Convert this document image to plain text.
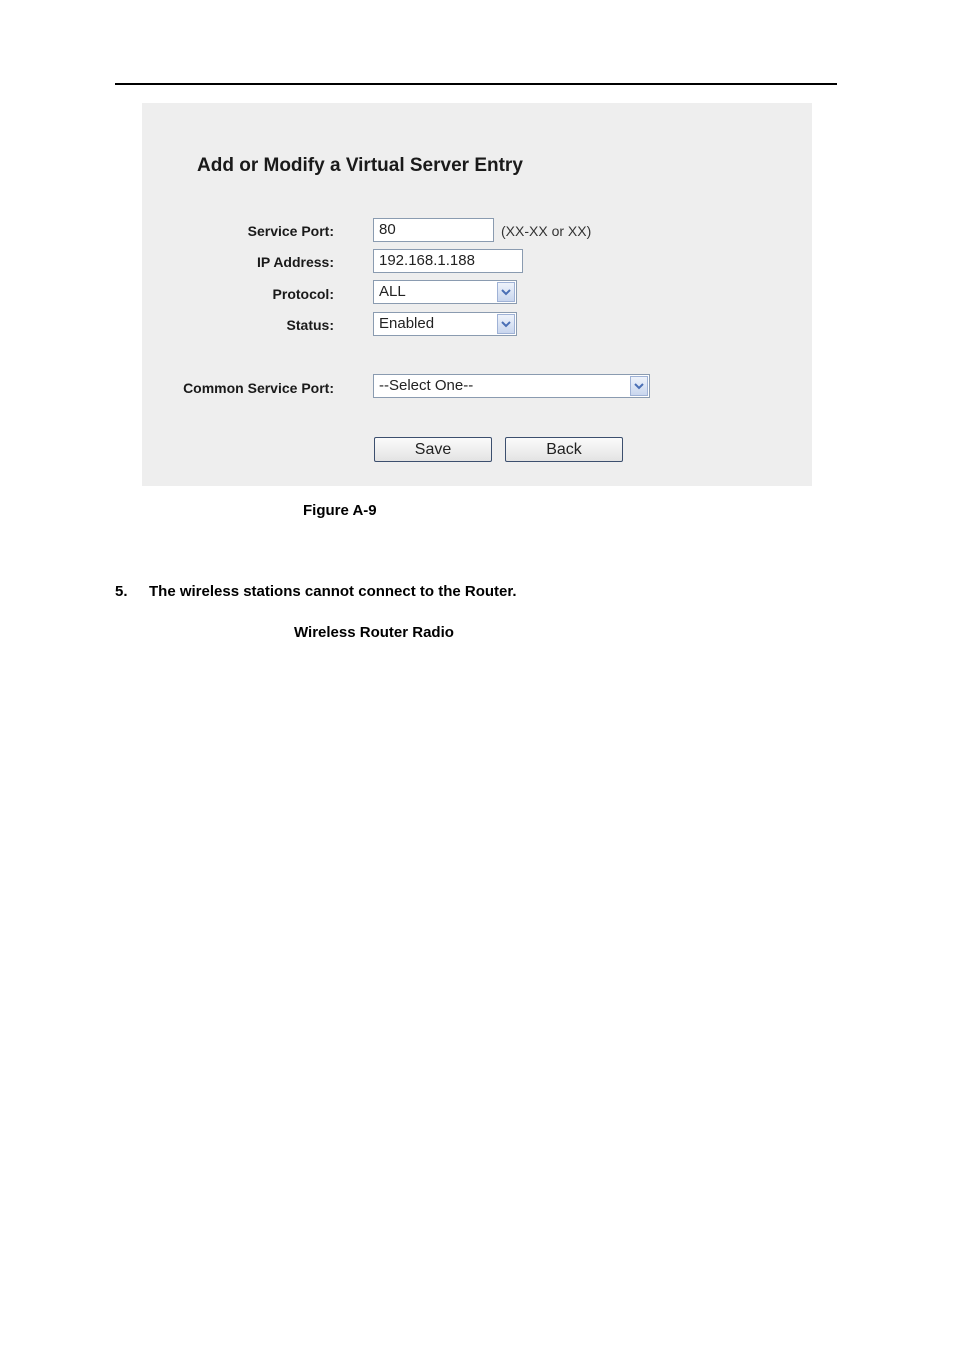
Add or Modify a Virtual Server Entry
Service Port:	80	(XX-XX or XX)
IP Address:	192.168.1.188
Protocol:	ALL
Status:	Enabled
Common Service Port:	--Select One--
Save	Back
Figure A-9
5. The wireless stations cannot connect to the Router.
Wireless Router Radio
